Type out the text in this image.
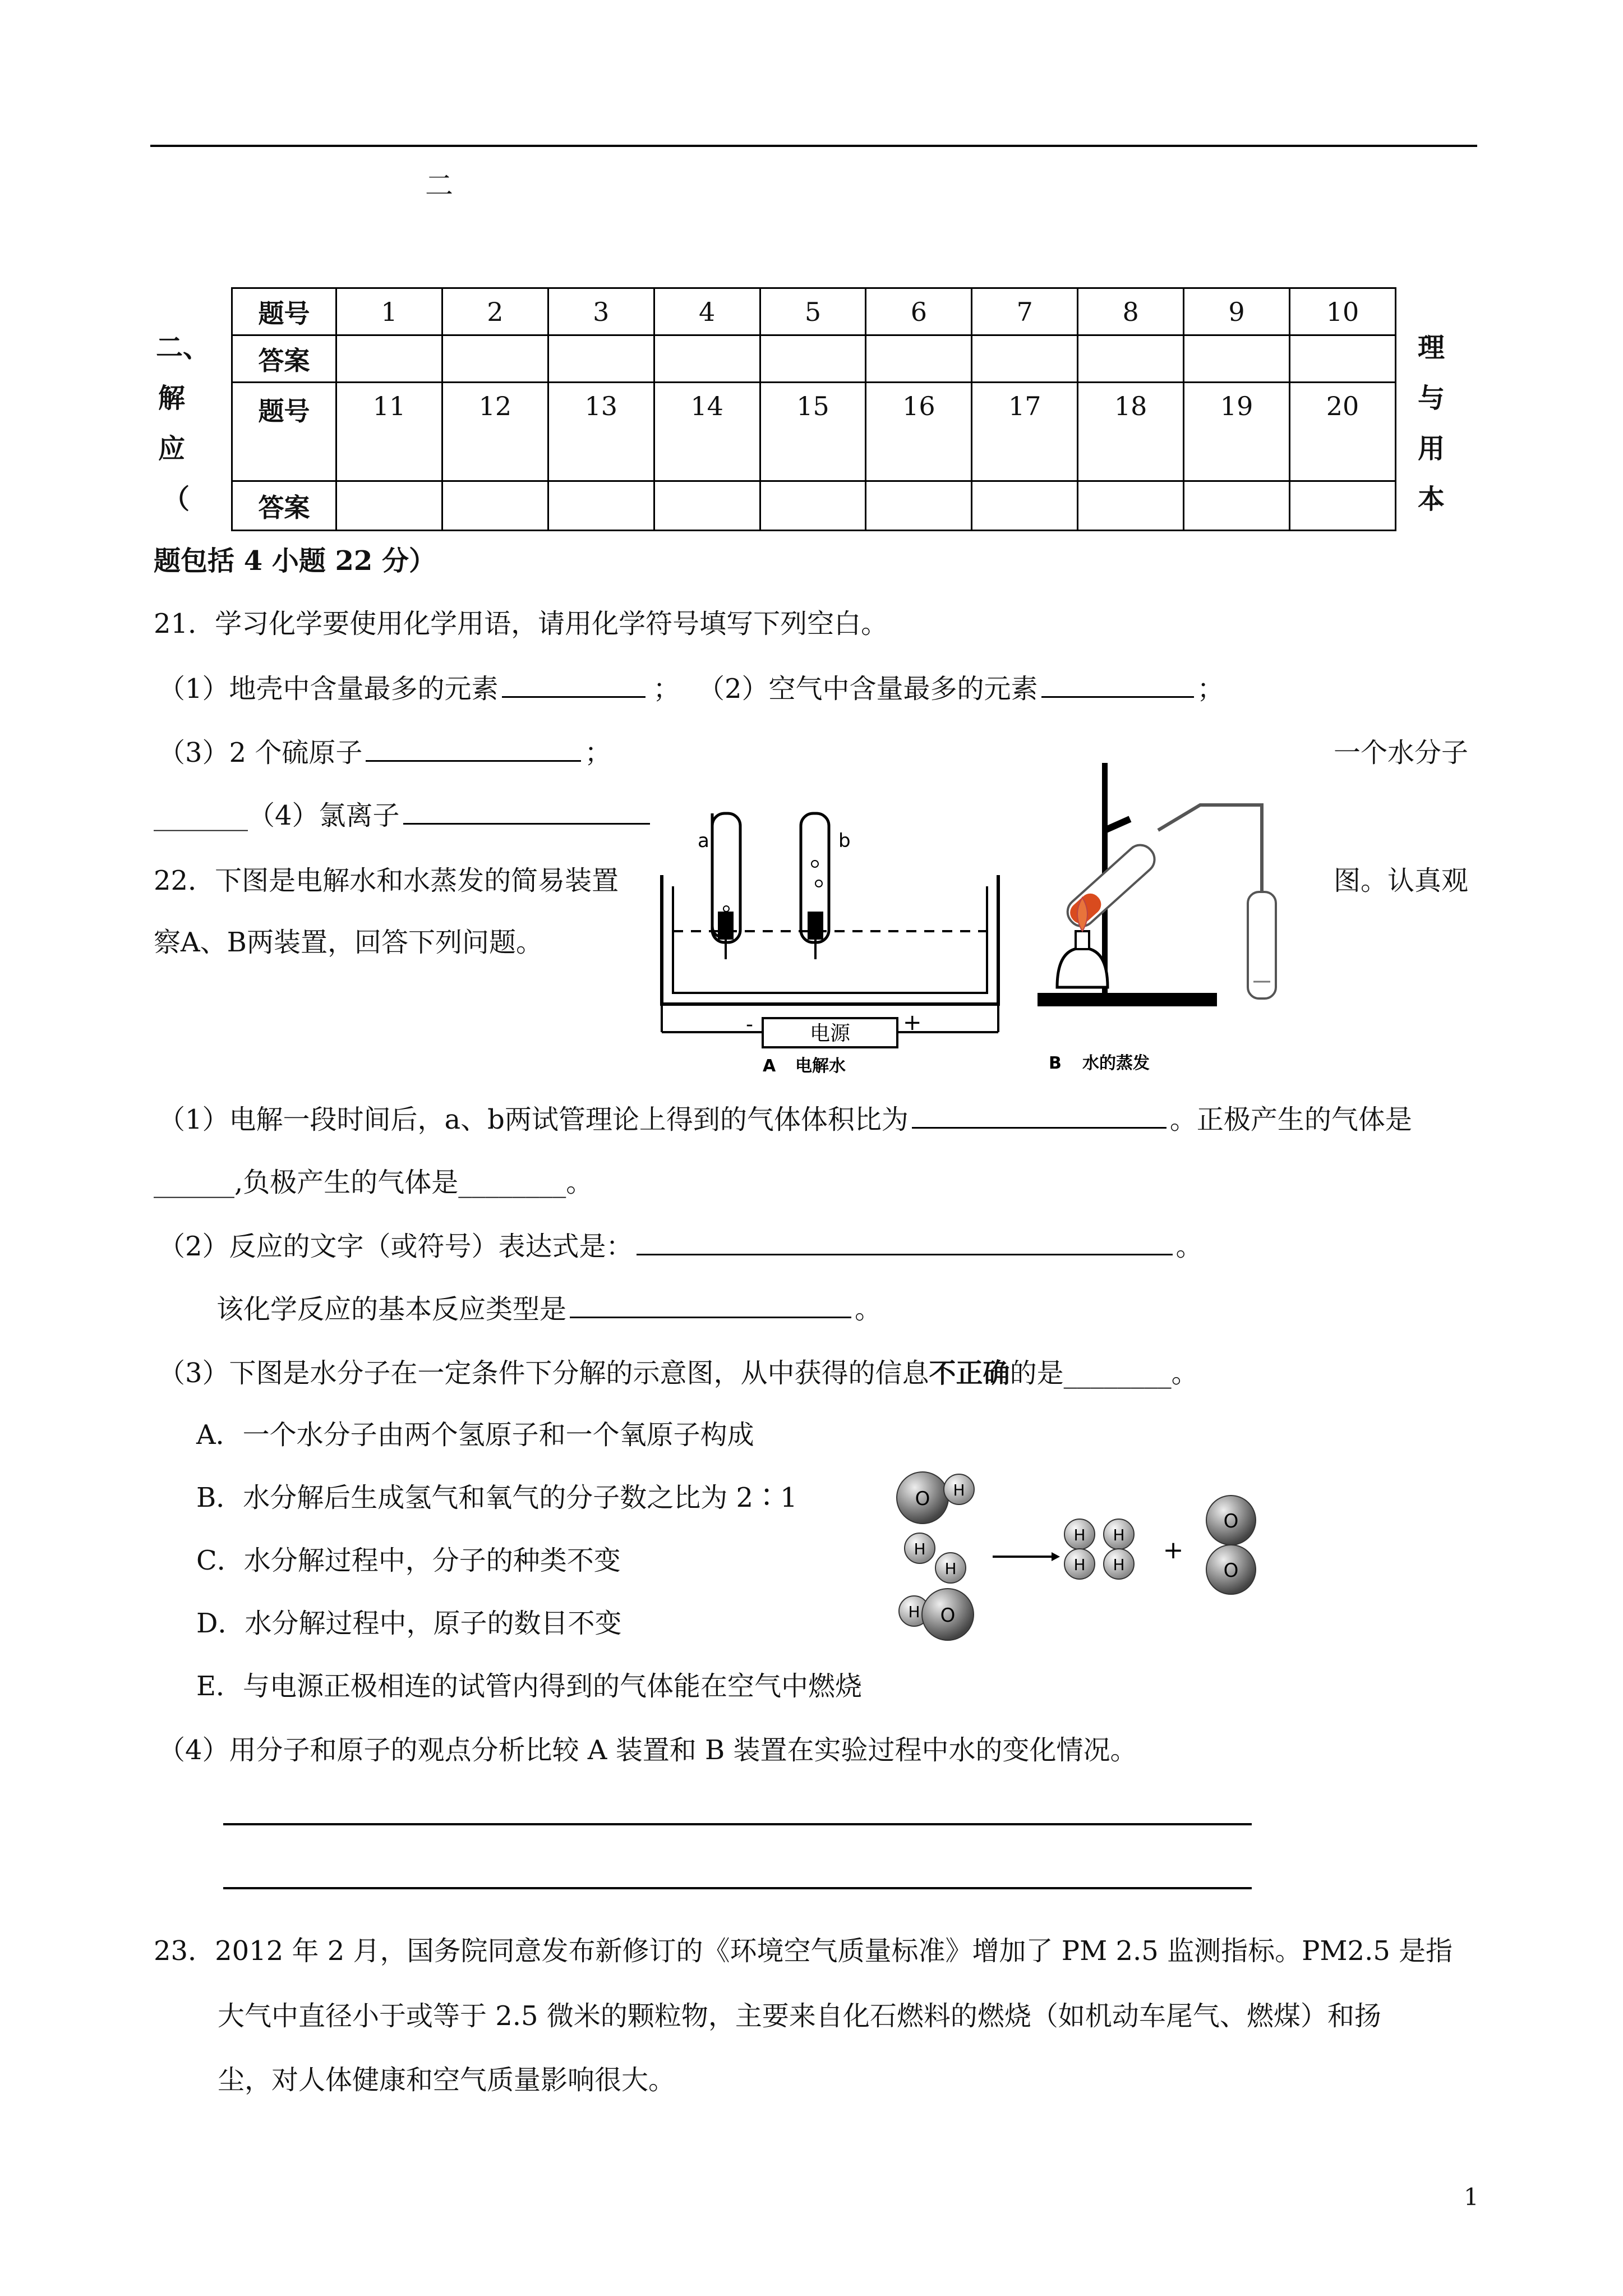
二
二、
解
应
（
理
与
用
本
题号	1	2	3	4	5	6	7	8	9	10
答案										
题号	11	12	13	14	15	16	17	18	19	20
答案										
题包括 4 小题 22 分）
21．学习化学要使用化学用语，请用化学符号填写下列空白。
（1）地壳中含量最多的元素	； （2）空气中含量最多的元素	；
（3）2 个硫原子	；	一个水分子
_______（4）氯离子
22．下图是电解水和水蒸发的简易装置	图。认真观
察A、B两装置，回答下列问题。
a	b
电源
-	+
A 电解水	B 水的蒸发
（1）电解一段时间后，a、b两试管理论上得到的气体体积比为	。正极产生的气体是
______,负极产生的气体是________。
（2）反应的文字（或符号）表达式是：	。
该化学反应的基本反应类型是	。
（3）下图是水分子在一定条件下分解的示意图，从中获得的信息不正确的是________。
A．一个水分子由两个氢原子和一个氧原子构成
B．水分解后生成氢气和氧气的分子数之比为 2∶1
C．水分解过程中，分子的种类不变
D．水分解过程中，原子的数目不变
E．与电源正极相连的试管内得到的气体能在空气中燃烧
O H
H
H
H O
H
H
H
H
+
O
O
（4）用分子和原子的观点分析比较 A 装置和 B 装置在实验过程中水的变化情况。
23．2012 年 2 月，国务院同意发布新修订的《环境空气质量标准》增加了 PM 2.5 监测指标。PM2.5 是指
大气中直径小于或等于 2.5 微米的颗粒物，主要来自化石燃料的燃烧（如机动车尾气、燃煤）和扬
尘，对人体健康和空气质量影响很大。
1
